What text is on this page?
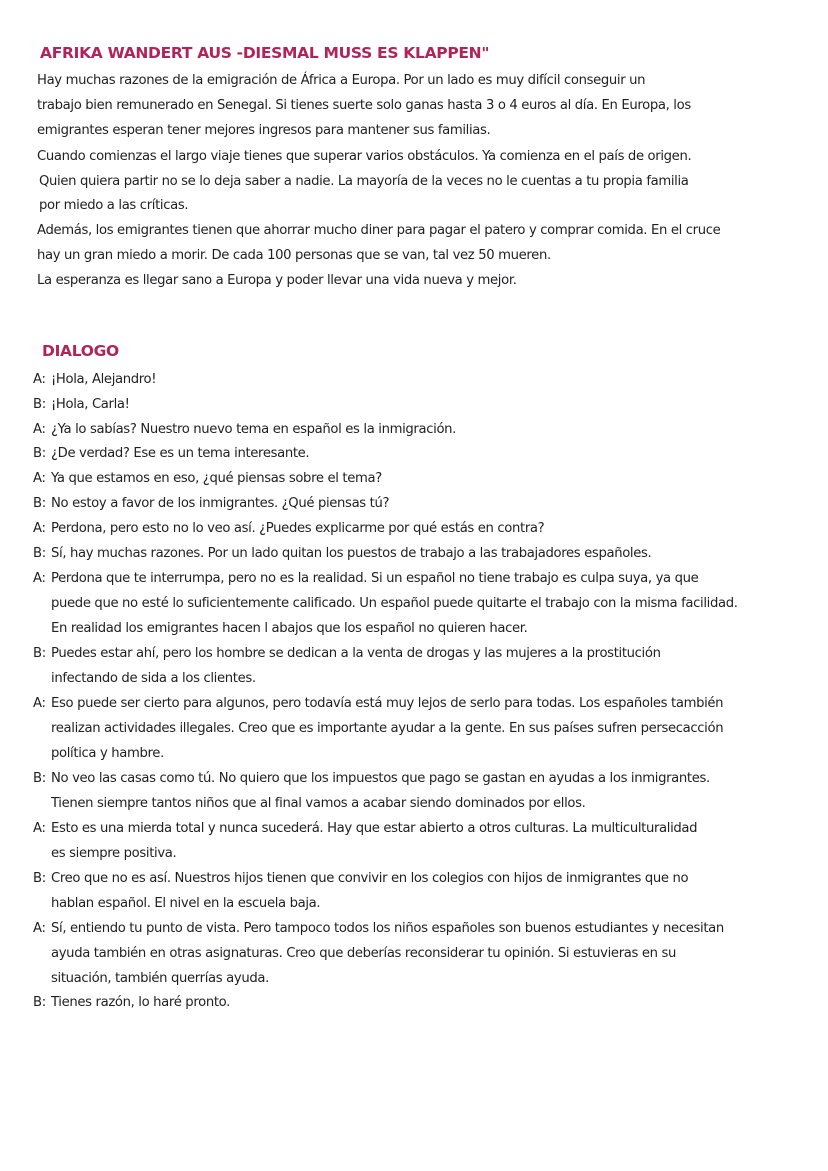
AFRIKA WANDERT AUS -DIESMAL MUSS ES KLAPPEN"

Hay muchas razones de la emigración de África a Europa. Por un lado es muy difícil conseguir un

trabajo bien remunerado en Senegal. Si tienes suerte solo ganas hasta 3 o 4 euros al día. En Europa, los

emigrantes esperan tener mejores ingresos para mantener sus familias.

Cuando comienzas el largo viaje tienes que superar varios obstáculos. Ya comienza en el país de origen.

Quien quiera partir no se lo deja saber a nadie. La mayoría de la veces no le cuentas a tu propia familia

por miedo a las críticas.

Además, los emigrantes tienen que ahorrar mucho diner para pagar el patero y comprar comida. En el cruce

hay un gran miedo a morir. De cada 100 personas que se van, tal vez 50 mueren.

La esperanza es llegar sano a Europa y poder llevar una vida nueva y mejor.

DIALOGO

A: ¡Hola, Alejandro!

B: ¡Hola, Carla!

A: ¿Ya lo sabías? Nuestro nuevo tema en español es la inmigración.

B: ¿De verdad? Ese es un tema interesante.

A: Ya que estamos en eso, ¿qué piensas sobre el tema?

B: No estoy a favor de los inmigrantes. ¿Qué piensas tú?

A: Perdona, pero esto no lo veo así. ¿Puedes explicarme por qué estás en contra?

B: Sí, hay muchas razones. Por un lado quitan los puestos de trabajo a las trabajadores españoles.

A: Perdona que te interrumpa, pero no es la realidad. Si un español no tiene trabajo es culpa suya, ya que

puede que no esté lo suficientemente calificado. Un español puede quitarte el trabajo con la misma facilidad.

En realidad los emigrantes hacen l abajos que los español no quieren hacer.

B: Puedes estar ahí, pero los hombre se dedican a la venta de drogas y las mujeres a la prostitución

infectando de sida a los clientes.

A: Eso puede ser cierto para algunos, pero todavía está muy lejos de serlo para todas. Los españoles también

realizan actividades illegales. Creo que es importante ayudar a la gente. En sus países sufren persecacción

política y hambre.

B: No veo las casas como tú. No quiero que los impuestos que pago se gastan en ayudas a los inmigrantes.

Tienen siempre tantos niños que al final vamos a acabar siendo dominados por ellos.

A: Esto es una mierda total y nunca sucederá. Hay que estar abierto a otros culturas. La multiculturalidad

es siempre positiva.

B: Creo que no es así. Nuestros hijos tienen que convivir en los colegios con hijos de inmigrantes que no

hablan español. El nivel en la escuela baja.

A: Sí, entiendo tu punto de vista. Pero tampoco todos los niños españoles son buenos estudiantes y necesitan

ayuda también en otras asignaturas. Creo que deberías reconsiderar tu opinión. Si estuvieras en su

situación, también querrías ayuda.

B: Tienes razón, lo haré pronto.
